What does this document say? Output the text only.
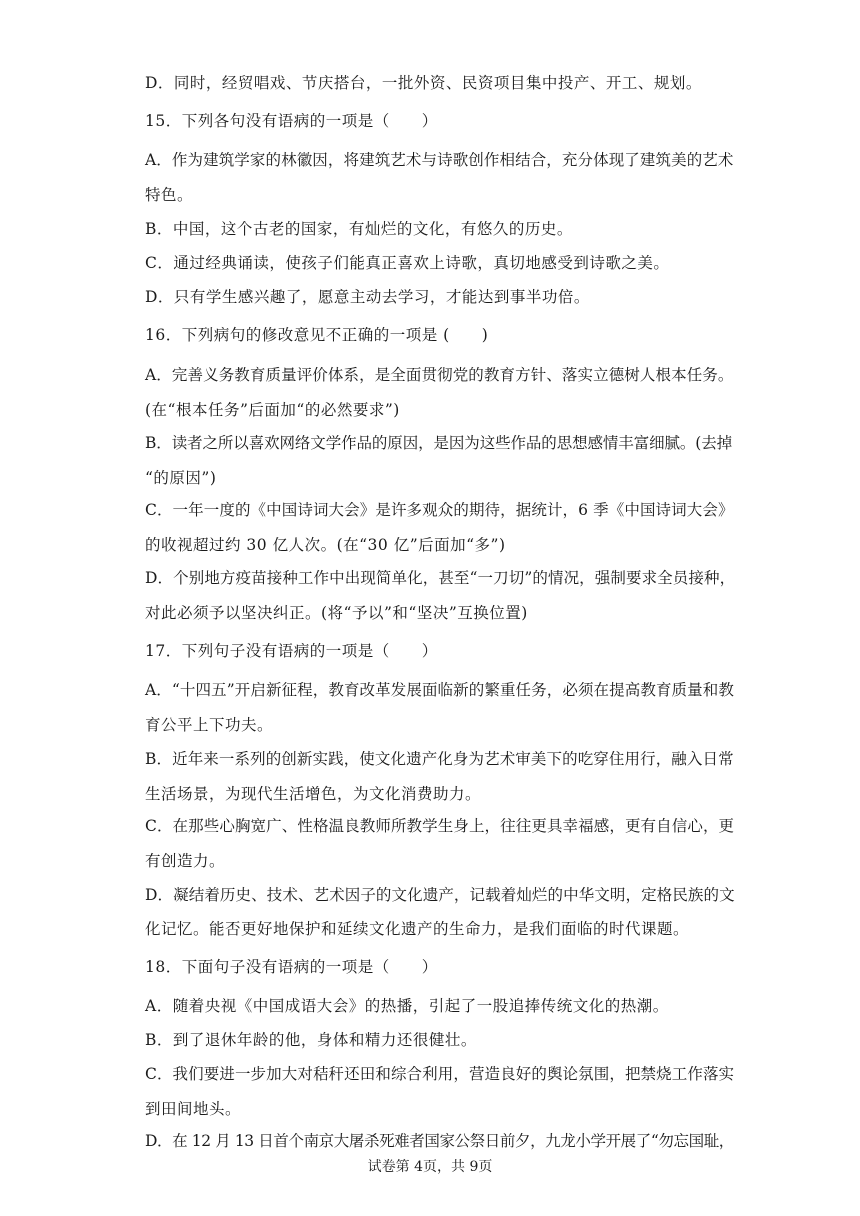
D．同时，经贸唱戏、节庆搭台，一批外资、民资项目集中投产、开工、规划。
15．下列各句没有语病的一项是（　　）
A．作为建筑学家的林徽因，将建筑艺术与诗歌创作相结合，充分体现了建筑美的艺术
特色。
B．中国，这个古老的国家，有灿烂的文化，有悠久的历史。
C．通过经典诵读，使孩子们能真正喜欢上诗歌，真切地感受到诗歌之美。
D．只有学生感兴趣了，愿意主动去学习，才能达到事半功倍。
16．下列病句的修改意见不正确的一项是 (　　)
A．完善义务教育质量评价体系，是全面贯彻党的教育方针、落实立德树人根本任务。
(在“根本任务”后面加“的必然要求”)
B．读者之所以喜欢网络文学作品的原因，是因为这些作品的思想感情丰富细腻。(去掉
“的原因”)
C．一年一度的《中国诗词大会》是许多观众的期待，据统计，6 季《中国诗词大会》
的收视超过约 30 亿人次。(在“30 亿”后面加“多”)
D．个别地方疫苗接种工作中出现简单化，甚至“一刀切”的情况，强制要求全员接种，
对此必须予以坚决纠正。(将“予以”和“坚决”互换位置)
17．下列句子没有语病的一项是（　　）
A．“十四五”开启新征程，教育改革发展面临新的繁重任务，必须在提高教育质量和教
育公平上下功夫。
B．近年来一系列的创新实践，使文化遗产化身为艺术审美下的吃穿住用行，融入日常
生活场景，为现代生活增色，为文化消费助力。
C．在那些心胸宽广、性格温良教师所教学生身上，往往更具幸福感，更有自信心，更
有创造力。
D．凝结着历史、技术、艺术因子的文化遗产，记载着灿烂的中华文明，定格民族的文
化记忆。能否更好地保护和延续文化遗产的生命力，是我们面临的时代课题。
18．下面句子没有语病的一项是（　　）
A．随着央视《中国成语大会》的热播，引起了一股追捧传统文化的热潮。
B．到了退休年龄的他，身体和精力还很健壮。
C．我们要进一步加大对秸秆还田和综合利用，营造良好的舆论氛围，把禁烧工作落实
到田间地头。
D．在 12 月 13 日首个南京大屠杀死难者国家公祭日前夕，九龙小学开展了“勿忘国耻，
试卷第 4页，共 9页
